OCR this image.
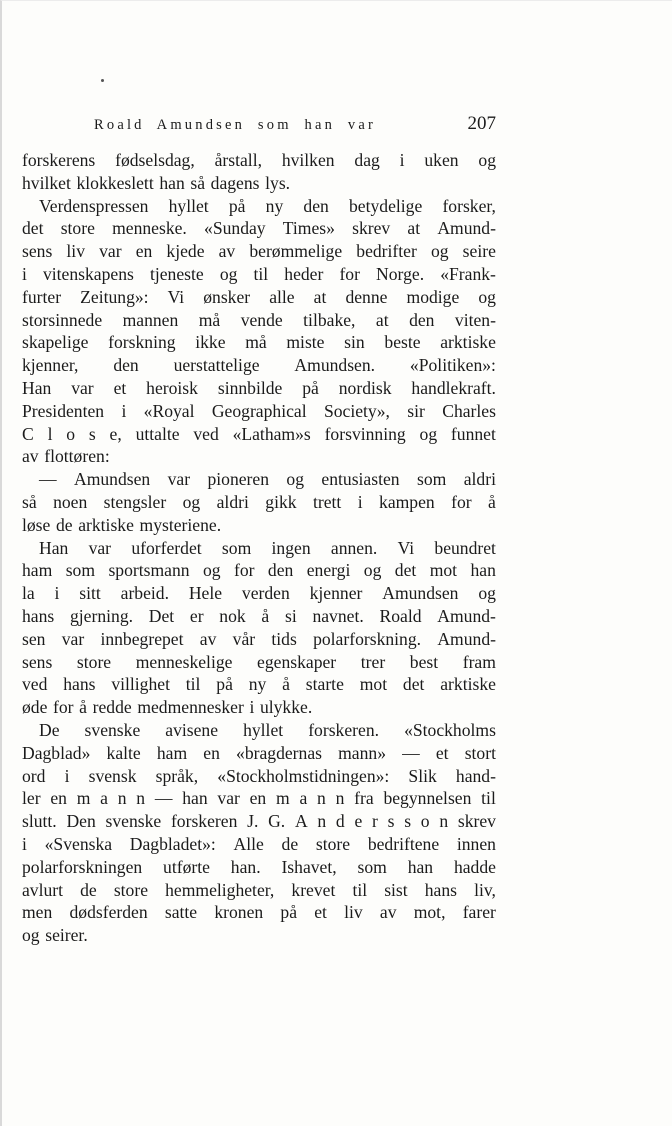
Roald Amundsen som han var	207
forskerens fødselsdag, årstall, hvilken dag i uken og
hvilket klokkeslett han så dagens lys.
Verdenspressen hyllet på ny den betydelige forsker,
det store menneske. «Sunday Times» skrev at Amund-
sens liv var en kjede av berømmelige bedrifter og seire
i vitenskapens tjeneste og til heder for Norge. «Frank-
furter Zeitung»: Vi ønsker alle at denne modige og
storsinnede mannen må vende tilbake, at den viten-
skapelige forskning ikke må miste sin beste arktiske
kjenner, den uerstattelige Amundsen. «Politiken»:
Han var et heroisk sinnbilde på nordisk handlekraft.
Presidenten i «Royal Geographical Society», sir Charles
C l o s e, uttalte ved «Latham»s forsvinning og funnet
av flottøren:
— Amundsen var pioneren og entusiasten som aldri
så noen stengsler og aldri gikk trett i kampen for å
løse de arktiske mysteriene.
Han var uforferdet som ingen annen. Vi beundret
ham som sportsmann og for den energi og det mot han
la i sitt arbeid. Hele verden kjenner Amundsen og
hans gjerning. Det er nok å si navnet. Roald Amund-
sen var innbegrepet av vår tids polarforskning. Amund-
sens store menneskelige egenskaper trer best fram
ved hans villighet til på ny å starte mot det arktiske
øde for å redde medmennesker i ulykke.
De svenske avisene hyllet forskeren. «Stockholms
Dagblad» kalte ham en «bragdernas mann» — et stort
ord i svensk språk, «Stockholmstidningen»: Slik hand-
ler en m a n n — han var en m a n n fra begynnelsen til
slutt. Den svenske forskeren J. G. A n d e r s s o n skrev
i «Svenska Dagbladet»: Alle de store bedriftene innen
polarforskningen utførte han. Ishavet, som han hadde
avlurt de store hemmeligheter, krevet til sist hans liv,
men dødsferden satte kronen på et liv av mot, farer
og seirer.
